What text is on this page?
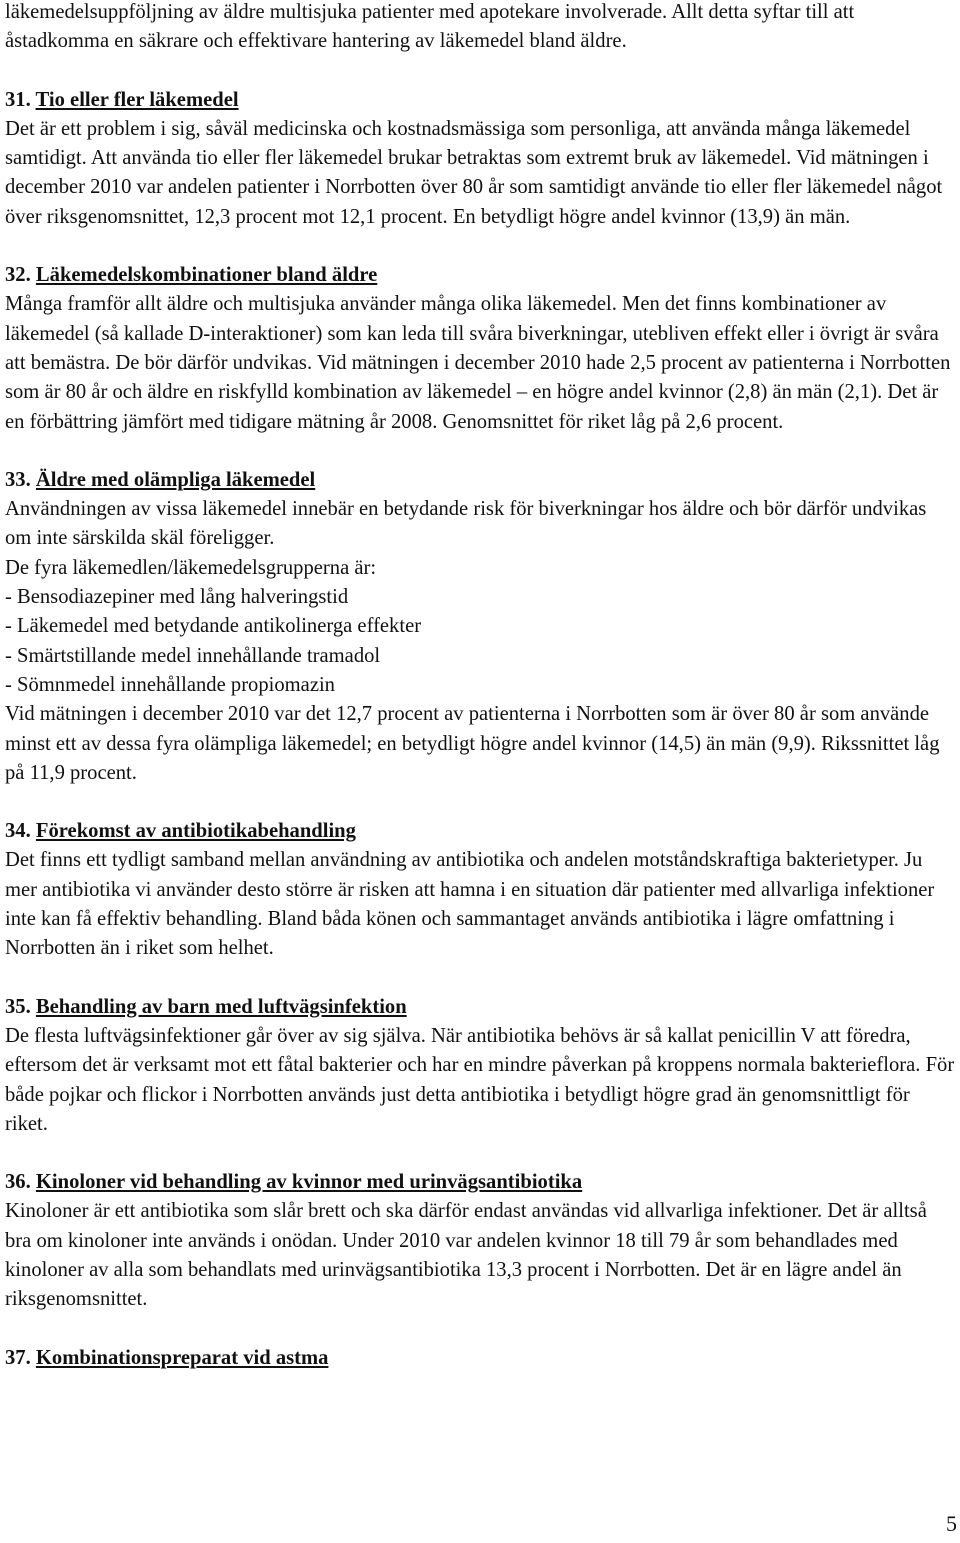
läkemedelsuppföljning av äldre multisjuka patienter med apotekare involverade. Allt detta syftar till att åstadkomma en säkrare och effektivare hantering av läkemedel bland äldre.

31. Tio eller fler läkemedel

Det är ett problem i sig, såväl medicinska och kostnadsmässiga som personliga, att använda många läkemedel samtidigt. Att använda tio eller fler läkemedel brukar betraktas som extremt bruk av läkemedel. Vid mätningen i december 2010 var andelen patienter i Norrbotten över 80 år som samtidigt använde tio eller fler läkemedel något över riksgenomsnittet, 12,3 procent mot 12,1 procent. En betydligt högre andel kvinnor (13,9) än män.

32. Läkemedelskombinationer bland äldre

Många framför allt äldre och multisjuka använder många olika läkemedel. Men det finns kombinationer av läkemedel (så kallade D-interaktioner) som kan leda till svåra biverkningar, utebliven effekt eller i övrigt är svåra att bemästra. De bör därför undvikas. Vid mätningen i december 2010 hade 2,5 procent av patienterna i Norrbotten som är 80 år och äldre en riskfylld kombination av läkemedel – en högre andel kvinnor (2,8) än män (2,1). Det är en förbättring jämfört med tidigare mätning år 2008. Genomsnittet för riket låg på 2,6 procent.

33. Äldre med olämpliga läkemedel

Användningen av vissa läkemedel innebär en betydande risk för biverkningar hos äldre och bör därför undvikas om inte särskilda skäl föreligger.

De fyra läkemedlen/läkemedelsgrupperna är:

- Bensodiazepiner med lång halveringstid
- Läkemedel med betydande antikolinerga effekter
- Smärtstillande medel innehållande tramadol
- Sömnmedel innehållande propiomazin

Vid mätningen i december 2010 var det 12,7 procent av patienterna i Norrbotten som är över 80 år som använde minst ett av dessa fyra olämpliga läkemedel; en betydligt högre andel kvinnor (14,5) än män (9,9). Rikssnittet låg på 11,9 procent.

34. Förekomst av antibiotikabehandling

Det finns ett tydligt samband mellan användning av antibiotika och andelen motståndskraftiga bakterietyper. Ju mer antibiotika vi använder desto större är risken att hamna i en situation där patienter med allvarliga infektioner inte kan få effektiv behandling. Bland båda könen och sammantaget används antibiotika i lägre omfattning i Norrbotten än i riket som helhet.

35. Behandling av barn med luftvägsinfektion

De flesta luftvägsinfektioner går över av sig själva. När antibiotika behövs är så kallat penicillin V att föredra, eftersom det är verksamt mot ett fåtal bakterier och har en mindre påverkan på kroppens normala bakterieflora. För både pojkar och flickor i Norrbotten används just detta antibiotika i betydligt högre grad än genomsnittligt för riket.

36. Kinoloner vid behandling av kvinnor med urinvägsantibiotika

Kinoloner är ett antibiotika som slår brett och ska därför endast användas vid allvarliga infektioner. Det är alltså bra om kinoloner inte används i onödan. Under 2010 var andelen kvinnor 18 till 79 år som behandlades med kinoloner av alla som behandlats med urinvägsantibiotika 13,3 procent i Norrbotten. Det är en lägre andel än riksgenomsnittet.

37. Kombinationspreparat vid astma

5
